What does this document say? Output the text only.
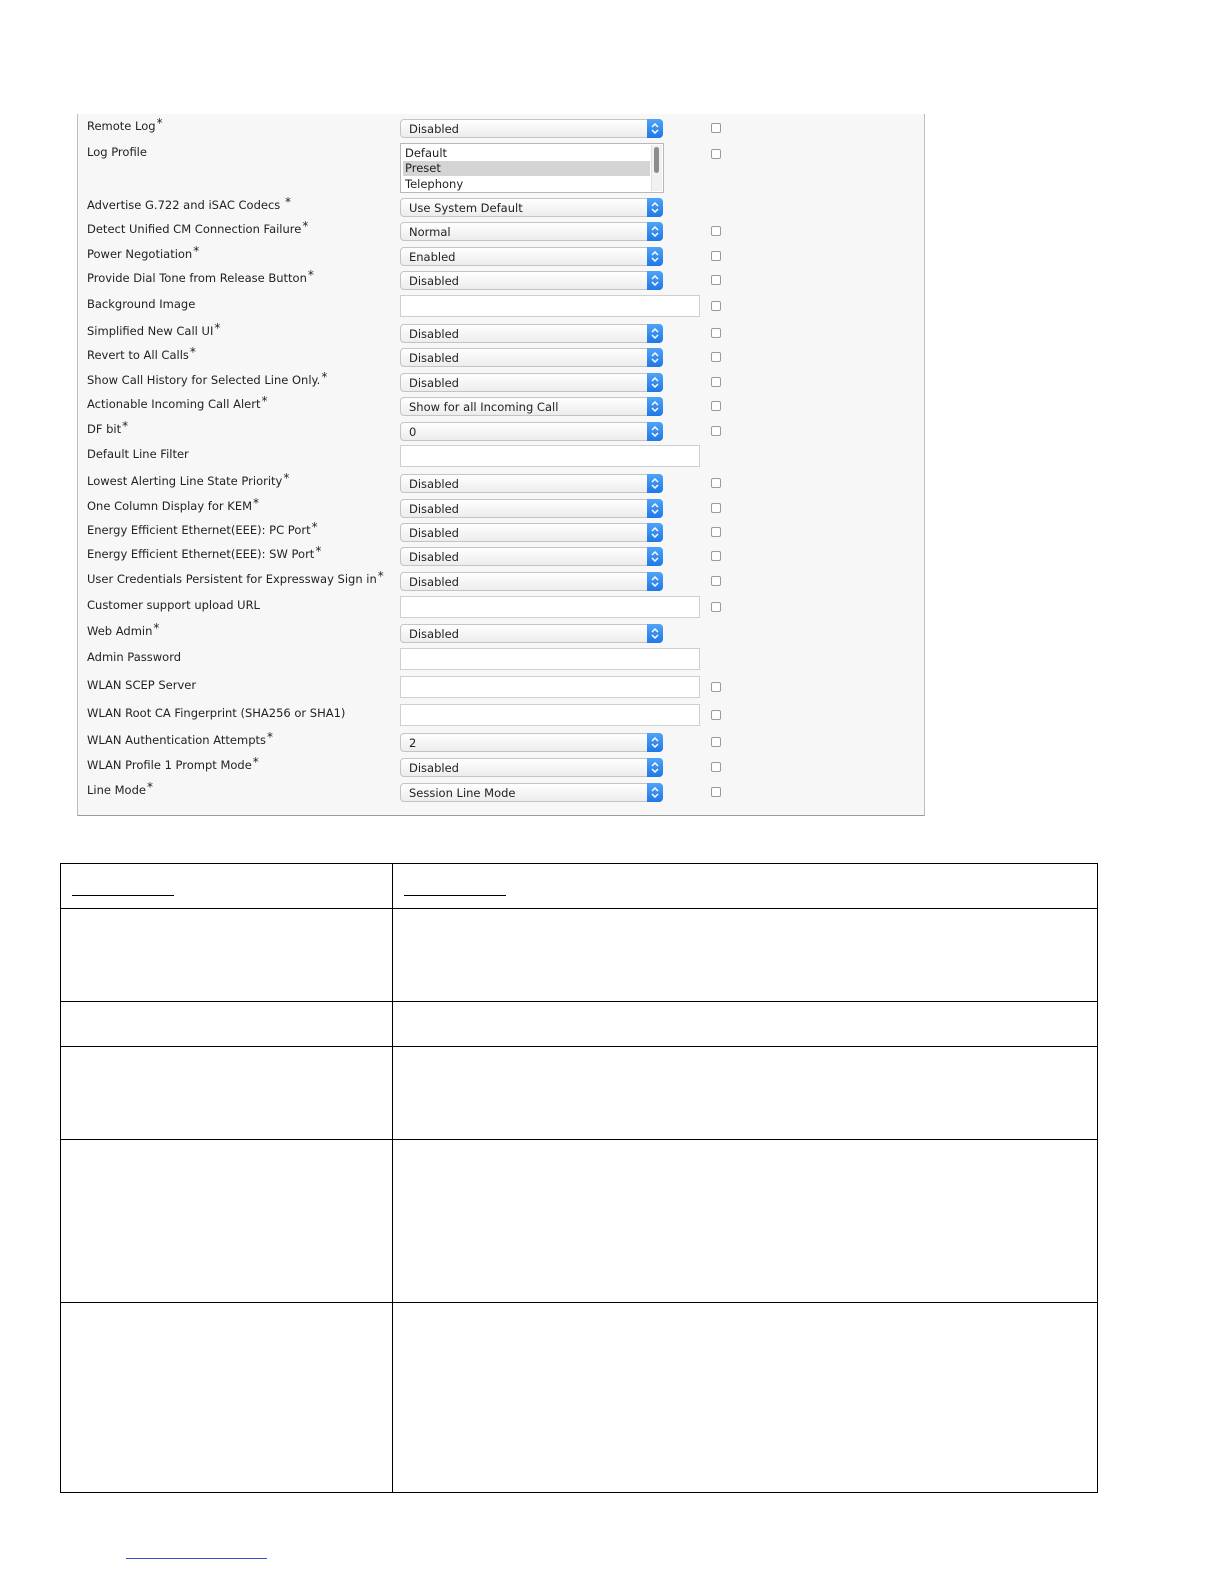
Remote Log*	Disabled
Log Profile	Default
Preset
Telephony
Advertise G.722 and iSAC Codecs *	Use System Default
Detect Unified CM Connection Failure*	Normal
Power Negotiation*	Enabled
Provide Dial Tone from Release Button*	Disabled
Background Image
Simplified New Call UI*	Disabled
Revert to All Calls*	Disabled
Show Call History for Selected Line Only.*	Disabled
Actionable Incoming Call Alert*	Show for all Incoming Call
DF bit*	0
Default Line Filter
Lowest Alerting Line State Priority*	Disabled
One Column Display for KEM*	Disabled
Energy Efficient Ethernet(EEE): PC Port*	Disabled
Energy Efficient Ethernet(EEE): SW Port*	Disabled
User Credentials Persistent for Expressway Sign in* Disabled
Customer support upload URL
Web Admin*	Disabled
Admin Password
WLAN SCEP Server
WLAN Root CA Fingerprint (SHA256 or SHA1)
WLAN Authentication Attempts*	2
WLAN Profile 1 Prompt Mode*	Disabled
Line Mode*	Session Line Mode
